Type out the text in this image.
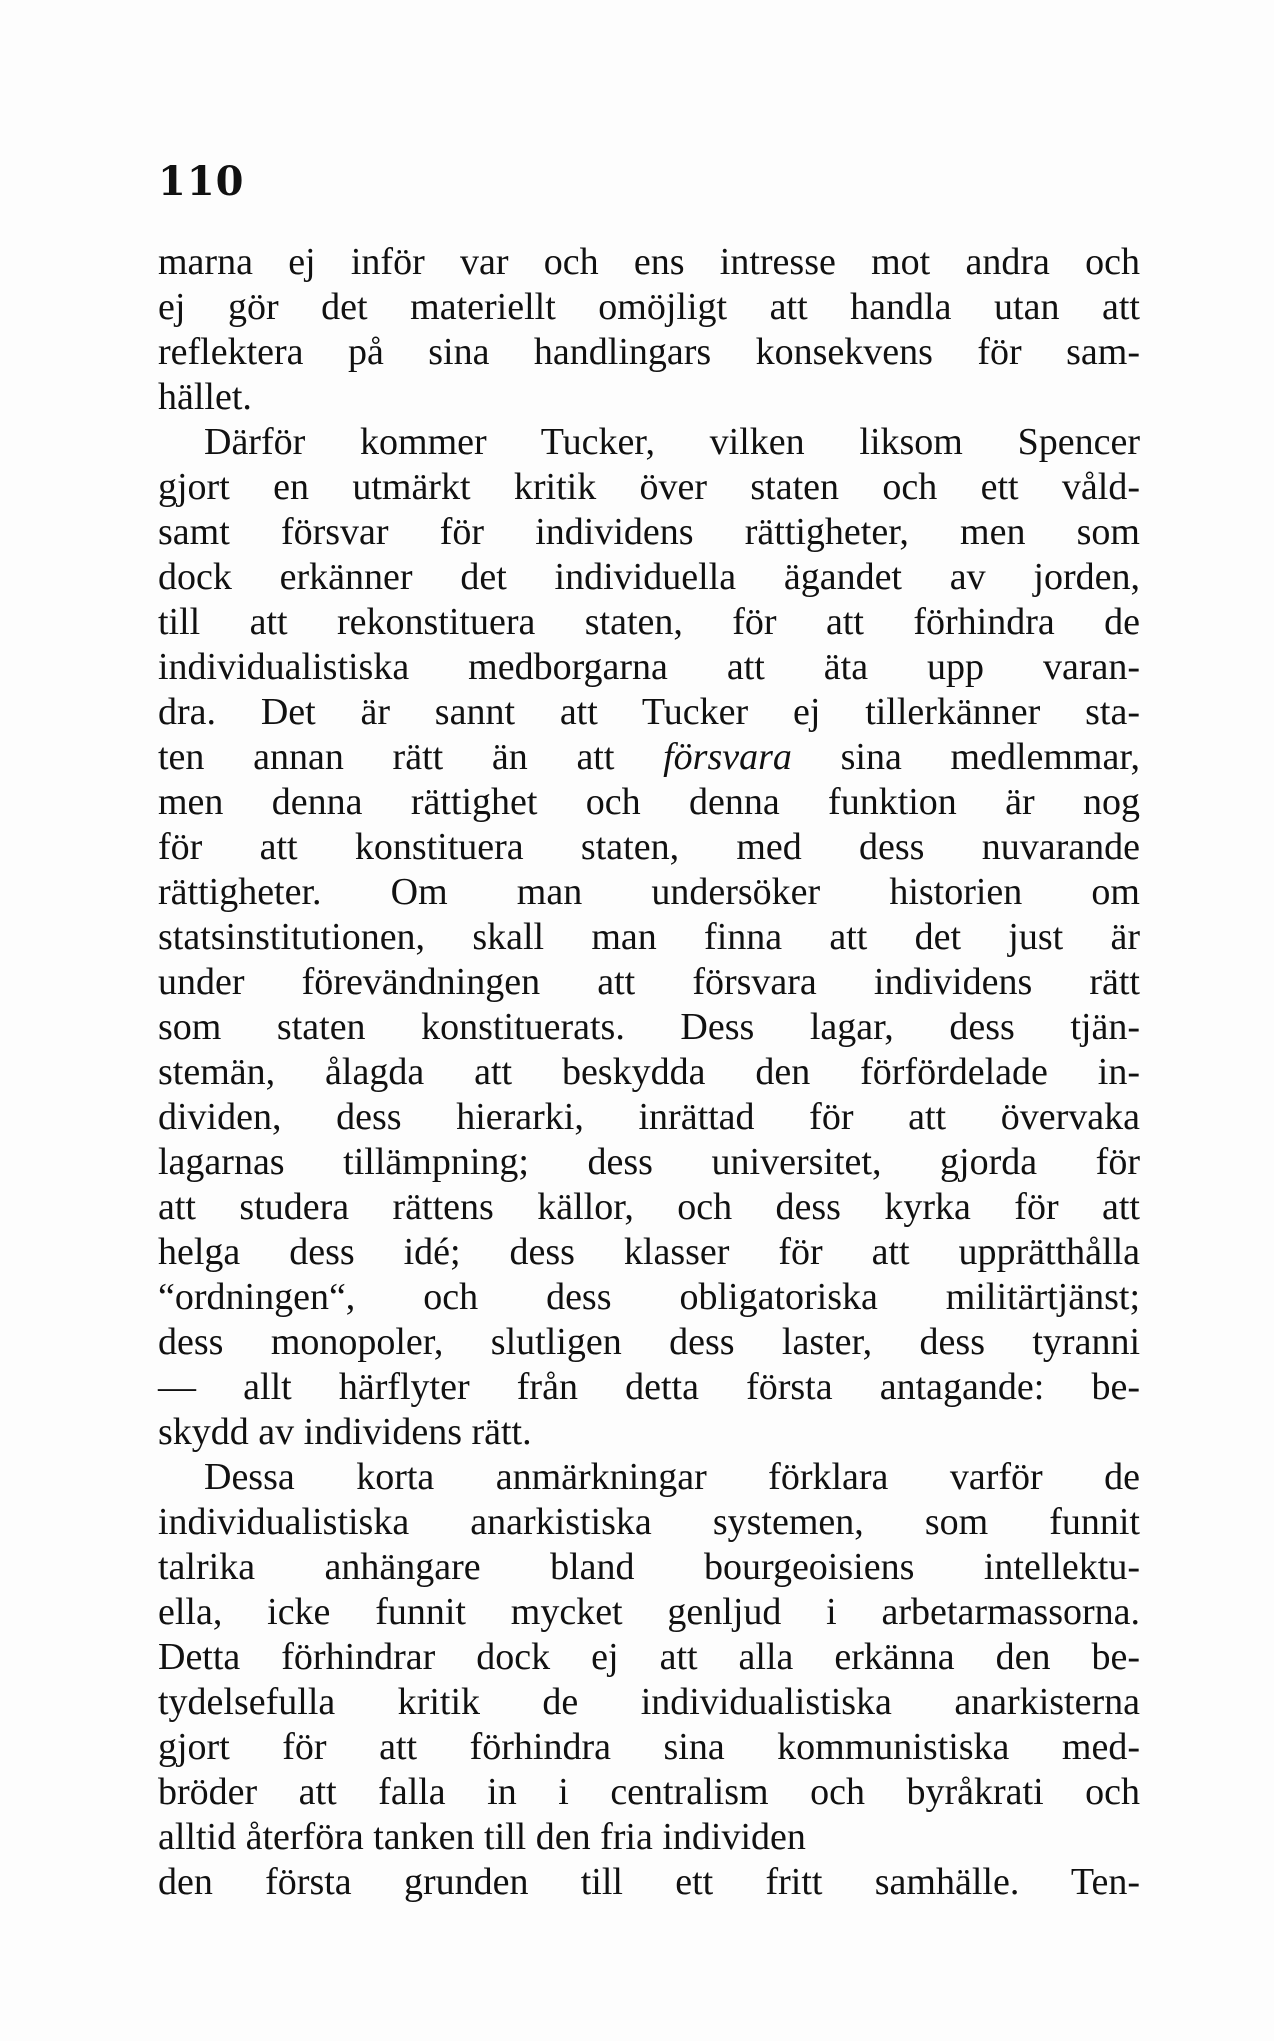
110
marna ej inför var och ens intresse mot andra och
ej gör det materiellt omöjligt att handla utan att
reflektera på sina handlingars konsekvens för sam-
hället.
Därför kommer Tucker, vilken liksom Spencer
gjort en utmärkt kritik över staten och ett våld-
samt försvar för individens rättigheter, men som
dock erkänner det individuella ägandet av jorden,
till att rekonstituera staten, för att förhindra de
individualistiska medborgarna att äta upp varan-
dra. Det är sannt att Tucker ej tillerkänner sta-
ten annan rätt än att försvara sina medlemmar,
men denna rättighet och denna funktion är nog
för att konstituera staten, med dess nuvarande
rättigheter. Om man undersöker historien om
statsinstitutionen, skall man finna att det just är
under förevändningen att försvara individens rätt
som staten konstituerats. Dess lagar, dess tjän-
stemän, ålagda att beskydda den förfördelade in-
dividen, dess hierarki, inrättad för att övervaka
lagarnas tillämpning; dess universitet, gjorda för
att studera rättens källor, och dess kyrka för att
helga dess idé; dess klasser för att upprätthålla
“ordningen“, och dess obligatoriska militärtjänst;
dess monopoler, slutligen dess laster, dess tyranni
— allt härflyter från detta första antagande: be-
skydd av individens rätt.
Dessa korta anmärkningar förklara varför de
individualistiska anarkistiska systemen, som funnit
talrika anhängare bland bourgeoisiens intellektu-
ella, icke funnit mycket genljud i arbetarmassorna.
Detta förhindrar dock ej att alla erkänna den be-
tydelsefulla kritik de individualistiska anarkisterna
gjort för att förhindra sina kommunistiska med-
bröder att falla in i centralism och byråkrati och
alltid återföra tanken till den fria individen
den första grunden till ett fritt samhälle. Ten-
